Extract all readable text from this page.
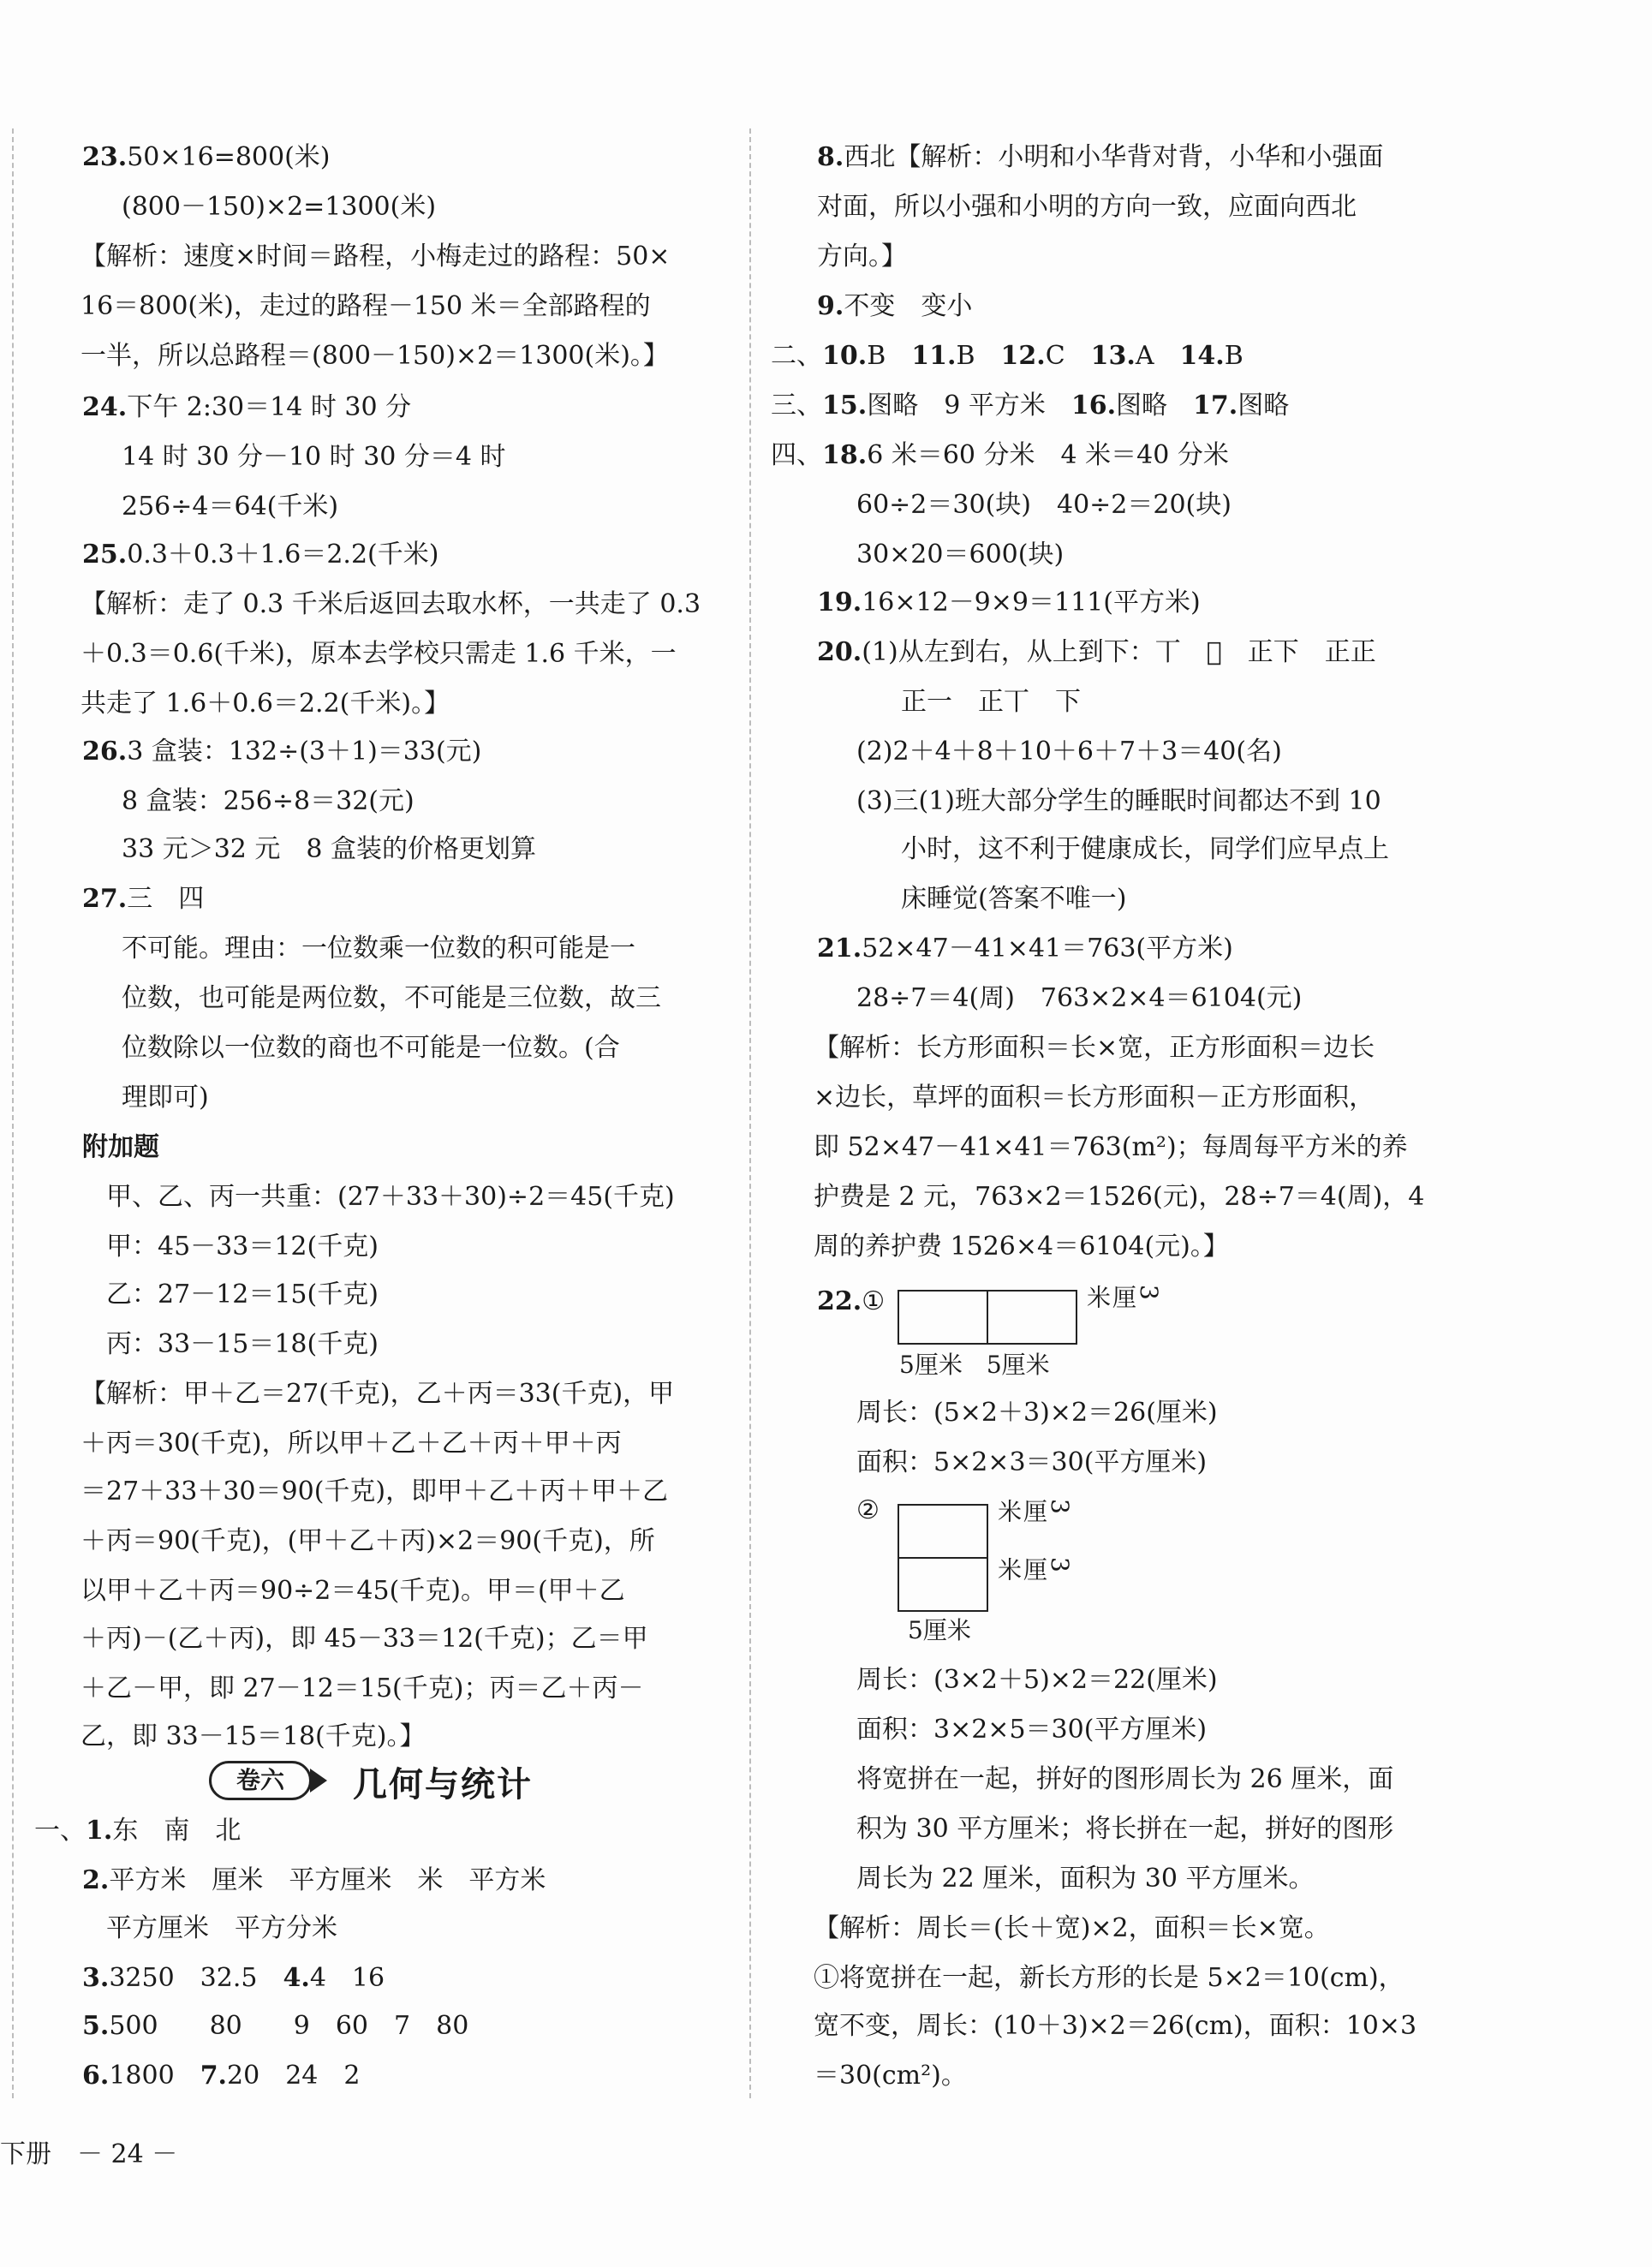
23.50×16=800(米)
(800－150)×2=1300(米)
【解析：速度×时间＝路程，小梅走过的路程：50×
16＝800(米)，走过的路程－150 米＝全部路程的
一半，所以总路程＝(800－150)×2＝1300(米)。】
24.下午 2:30＝14 时 30 分
14 时 30 分－10 时 30 分＝4 时
256÷4＝64(千米)
25.0.3＋0.3＋1.6＝2.2(千米)
【解析：走了 0.3 千米后返回去取水杯，一共走了 0.3
＋0.3＝0.6(千米)，原本去学校只需走 1.6 千米，一
共走了 1.6＋0.6＝2.2(千米)。】
26.3 盒装：132÷(3＋1)＝33(元)
8 盒装：256÷8＝32(元)
33 元＞32 元　8 盒装的价格更划算
27.三　四
不可能。理由：一位数乘一位数的积可能是一
位数，也可能是两位数，不可能是三位数，故三
位数除以一位数的商也不可能是一位数。(合
理即可)
附加题
甲、乙、丙一共重：(27＋33＋30)÷2＝45(千克)
甲：45－33＝12(千克)
乙：27－12＝15(千克)
丙：33－15＝18(千克)
【解析：甲＋乙＝27(千克)，乙＋丙＝33(千克)，甲
＋丙＝30(千克)，所以甲＋乙＋乙＋丙＋甲＋丙
＝27＋33＋30＝90(千克)，即甲＋乙＋丙＋甲＋乙
＋丙＝90(千克)，(甲＋乙＋丙)×2＝90(千克)，所
以甲＋乙＋丙＝90÷2＝45(千克)。甲＝(甲＋乙
＋丙)－(乙＋丙)，即 45－33＝12(千克)；乙＝甲
＋乙－甲，即 27－12＝15(千克)；丙＝乙＋丙－
乙，即 33－15＝18(千克)。】
卷六	几何与统计
一、1.东　南　北
2.平方米　厘米　平方厘米　米　平方米
平方厘米　平方分米
3.3250　32.5　 4.4　16
5.500　　80　　9　60　7　80
6.1800　 7.20　24　2
8.西北【解析：小明和小华背对背，小华和小强面
对面，所以小强和小明的方向一致，应面向西北
方向。】
9.不变　变小
二、10.B　 11.B　 12.C　 13.A　 14.B
三、15.图略　9 平方米　 16.图略　 17.图略
四、18.6 米＝60 分米　4 米＝40 分米
60÷2＝30(块)　40÷2＝20(块)
30×20＝600(块)
19.16×12－9×9＝111(平方米)
20.(1)从左到右，从上到下：丅　𠀆　正下　正正
正一　正丅　下
(2)2＋4＋8＋10＋6＋7＋3＝40(名)
(3)三(1)班大部分学生的睡眠时间都达不到 10
小时，这不利于健康成长，同学们应早点上
床睡觉(答案不唯一)
21.52×47－41×41＝763(平方米)
28÷7＝4(周)　763×2×4＝6104(元)
【解析：长方形面积＝长×宽，正方形面积＝边长
×边长，草坪的面积＝长方形面积－正方形面积，
即 52×47－41×41＝763(m²)；每周每平方米的养
护费是 2 元，763×2＝1526(元)，28÷7＝4(周)，4
周的养护费 1526×4＝6104(元)。】
22.①	3厘米
5厘米　5厘米
周长：(5×2＋3)×2＝26(厘米)
面积：5×2×3＝30(平方厘米)
②	3厘米
3厘米
5厘米
周长：(3×2＋5)×2＝22(厘米)
面积：3×2×5＝30(平方厘米)
将宽拼在一起，拼好的图形周长为 26 厘米，面
积为 30 平方厘米；将长拼在一起，拼好的图形
周长为 22 厘米，面积为 30 平方厘米。
【解析：周长＝(长＋宽)×2，面积＝长×宽。
①将宽拼在一起，新长方形的长是 5×2＝10(cm)，
宽不变，周长：(10＋3)×2＝26(cm)，面积：10×3
＝30(cm²)。
下册　－ 24 －
